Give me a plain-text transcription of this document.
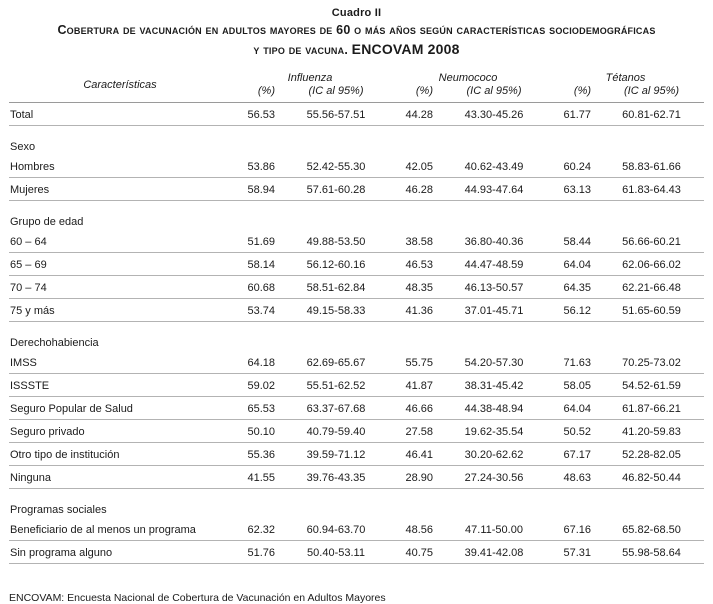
Cuadro II
Cobertura de vacunación en adultos mayores de 60 o más años según características sociodemográficas
y tipo de vacuna. ENCOVAM 2008
Características	Influenza		Neumococo		Tétanos	
	(%)	(IC al 95%)	(%)	(IC al 95%)	(%)	(IC al 95%)
Total	56.53	55.56-57.51	44.28	43.30-45.26	61.77	60.81-62.71
Sexo						
Hombres	53.86	52.42-55.30	42.05	40.62-43.49	60.24	58.83-61.66
Mujeres	58.94	57.61-60.28	46.28	44.93-47.64	63.13	61.83-64.43
Grupo de edad						
60 – 64	51.69	49.88-53.50	38.58	36.80-40.36	58.44	56.66-60.21
65 – 69	58.14	56.12-60.16	46.53	44.47-48.59	64.04	62.06-66.02
70 – 74	60.68	58.51-62.84	48.35	46.13-50.57	64.35	62.21-66.48
75 y más	53.74	49.15-58.33	41.36	37.01-45.71	56.12	51.65-60.59
Derechohabiencia						
IMSS	64.18	62.69-65.67	55.75	54.20-57.30	71.63	70.25-73.02
ISSSTE	59.02	55.51-62.52	41.87	38.31-45.42	58.05	54.52-61.59
Seguro Popular de Salud	65.53	63.37-67.68	46.66	44.38-48.94	64.04	61.87-66.21
Seguro privado	50.10	40.79-59.40	27.58	19.62-35.54	50.52	41.20-59.83
Otro tipo de institución	55.36	39.59-71.12	46.41	30.20-62.62	67.17	52.28-82.05
Ninguna	41.55	39.76-43.35	28.90	27.24-30.56	48.63	46.82-50.44
Programas sociales						
Beneficiario de al menos un programa	62.32	60.94-63.70	48.56	47.11-50.00	67.16	65.82-68.50
Sin programa alguno	51.76	50.40-53.11	40.75	39.41-42.08	57.31	55.98-58.64
ENCOVAM: Encuesta Nacional de Cobertura de Vacunación en Adultos Mayores
